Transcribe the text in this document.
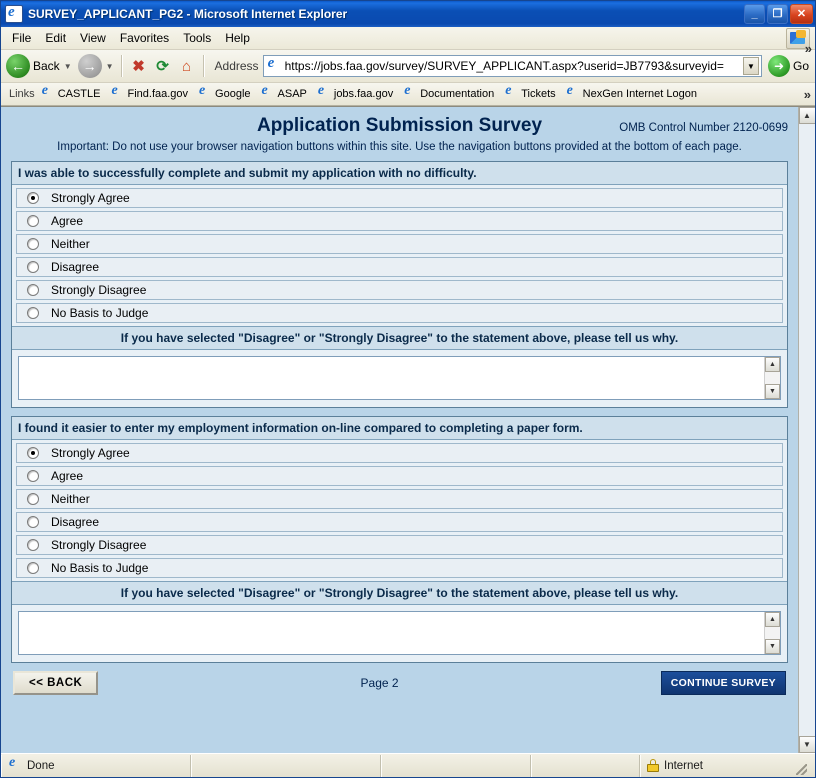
e
SURVEY_APPLICANT_PG2 - Microsoft Internet Explorer	_	❐	✕
File	Edit	View	Favorites	Tools	Help
← Back ▼ →	▼	✖ ⟳ ⌂	Address e https://jobs.faa.gov/survey/SURVEY_APPLICANT.aspx?userid=JB7793&surveyid=	▼	➜ Go
»
Links e CASTLE e Find.faa.gov e Google e ASAP e jobs.faa.gov e Documentation e Tickets e NexGen Internet Logon	»
Application Submission Survey	OMB Control Number 2120-0699
Important: Do not use your browser navigation buttons within this site. Use the navigation buttons provided at the bottom of each page.
I was able to successfully complete and submit my application with no difficulty.
Strongly Agree
Agree
Neither
Disagree
Strongly Disagree
No Basis to Judge
If you have selected "Disagree" or "Strongly Disagree" to the statement above, please tell us why.
▲
▼
I found it easier to enter my employment information on-line compared to completing a paper form.
Strongly Agree
Agree
Neither
Disagree
Strongly Disagree
No Basis to Judge
If you have selected "Disagree" or "Strongly Disagree" to the statement above, please tell us why.
▲
▼
<< BACK	Page 2	CONTINUE SURVEY
▲
▼
e
Done	Internet
